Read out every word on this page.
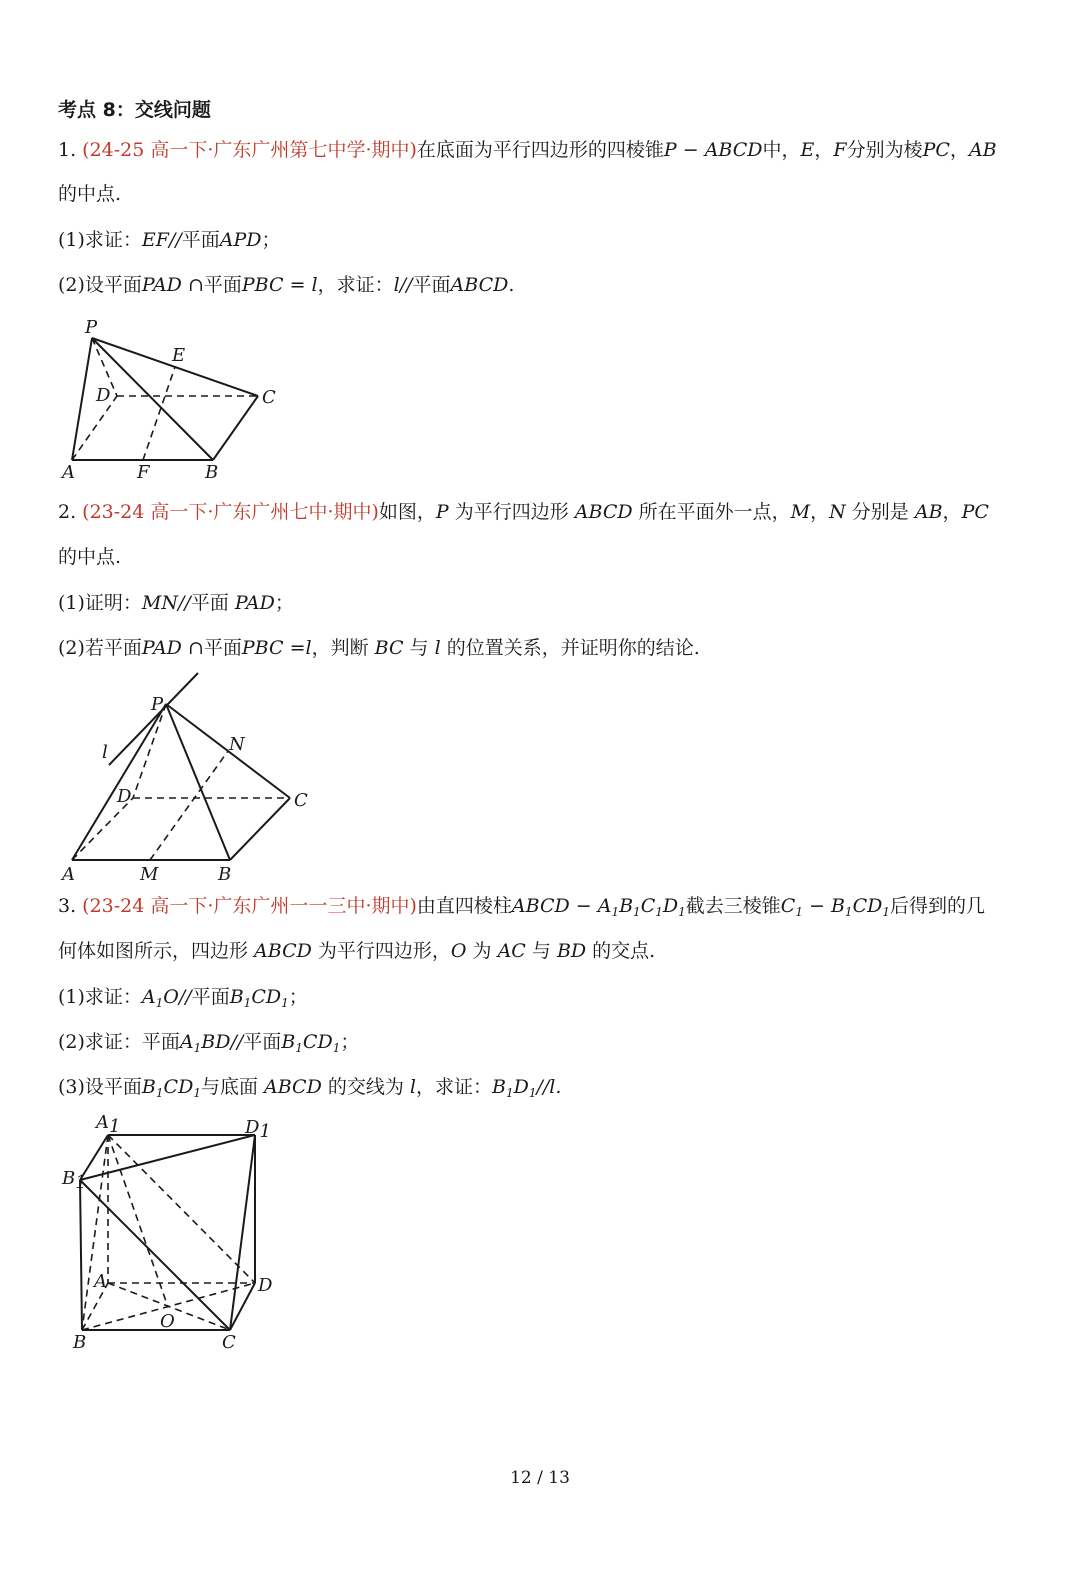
考点 8：交线问题
1. (24-25 高一下·广东广州第七中学·期中)在底面为平行四边形的四棱锥P − ABCD中，E，F分别为棱PC，AB
的中点.
(1)求证：EF//平面APD；
(2)设平面PAD ∩平面PBC = l，求证：l//平面ABCD.
P
E
D	C
A	F	B
2. (23-24 高一下·广东广州七中·期中)如图，P 为平行四边形 ABCD 所在平面外一点，M，N 分别是 AB，PC
的中点.
(1)证明：MN//平面 PAD；
(2)若平面PAD ∩平面PBC =l，判断 BC 与 l 的位置关系，并证明你的结论.
P
l	N
D	C
A	M	B
3. (23-24 高一下·广东广州一一三中·期中)由直四棱柱ABCD − $A_1B_1C_1D_1$截去三棱锥$C_1 - B_1CD_1$后得到的几
何体如图所示，四边形 ABCD 为平行四边形，O 为 AC 与 BD 的交点.
(1)求证：$A_1O//$平面$B_1CD_1$；
(2)求证：平面$A_1BD//$平面$B_1CD_1$；
(3)设平面$B_1CD_1$与底面 ABCD 的交线为 l，求证：$B_1D_1//l$.
A1	D1
B1
A	D
O
B	C
12 / 13
